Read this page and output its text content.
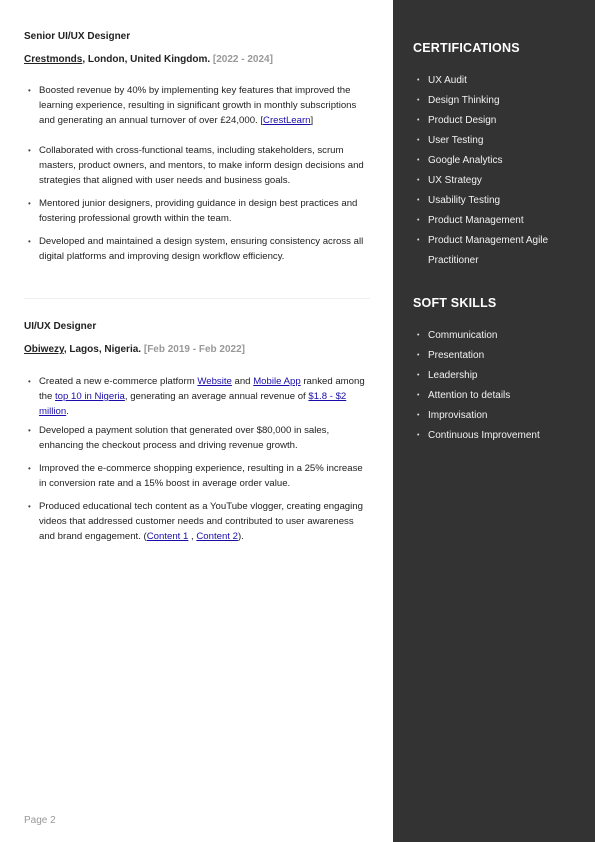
Senior UI/UX Designer
Crestmonds, London, United Kingdom. [2022 - 2024]
• Boosted revenue by 40% by implementing key features that improved the learning experience, resulting in significant growth in monthly subscriptions and generating an annual turnover of over £24,000. [CrestLearn]
• Collaborated with cross-functional teams, including stakeholders, scrum masters, product owners, and mentors, to make inform design decisions and strategies that aligned with user needs and business goals.
• Mentored junior designers, providing guidance in design best practices and fostering professional growth within the team.
• Developed and maintained a design system, ensuring consistency across all digital platforms and improving design workflow efficiency.
UI/UX Designer
Obiwezy, Lagos, Nigeria. [Feb 2019 - Feb 2022]
• Created a new e-commerce platform Website and Mobile App ranked among the top 10 in Nigeria, generating an average annual revenue of $1.8 - $2 million.
• Developed a payment solution that generated over $80,000 in sales, enhancing the checkout process and driving revenue growth.
• Improved the e-commerce shopping experience, resulting in a 25% increase in conversion rate and a 15% boost in average order value.
• Produced educational tech content as a YouTube vlogger, creating engaging videos that addressed customer needs and contributed to user awareness and brand engagement. (Content 1 , Content 2).
Page 2
CERTIFICATIONS
• UX Audit
• Design Thinking
• Product Design
• User Testing
• Google Analytics
• UX Strategy
• Usability Testing
• Product Management
• Product Management Agile Practitioner
SOFT SKILLS
• Communication
• Presentation
• Leadership
• Attention to details
• Improvisation
• Continuous Improvement
